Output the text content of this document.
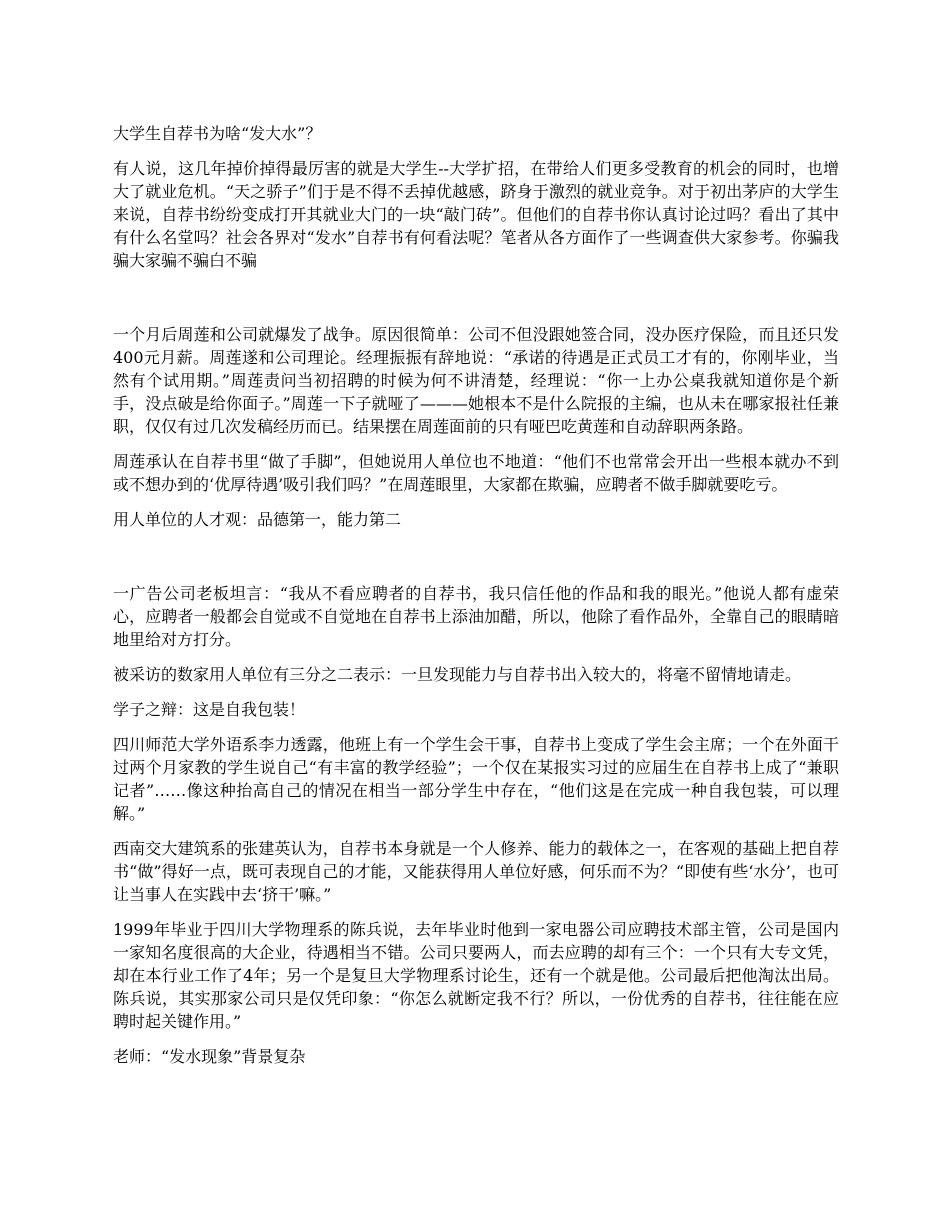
大学生自荐书为啥“发大水”？

有人说，这几年掉价掉得最厉害的就是大学生--大学扩招，在带给人们更多受教育的机会的同时，也增大了就业危机。“天之骄子”们于是不得不丢掉优越感，跻身于激烈的就业竞争。对于初出茅庐的大学生来说，自荐书纷纷变成打开其就业大门的一块“敲门砖”。但他们的自荐书你认真讨论过吗？看出了其中有什么名堂吗？社会各界对“发水”自荐书有何看法呢？笔者从各方面作了一些调查供大家参考。你骗我骗大家骗不骗白不骗

一个月后周莲和公司就爆发了战争。原因很简单：公司不但没跟她签合同，没办医疗保险，而且还只发400元月薪。周莲遂和公司理论。经理振振有辞地说：“承诺的待遇是正式员工才有的，你刚毕业，当然有个试用期。”周莲责问当初招聘的时候为何不讲清楚，经理说：“你一上办公桌我就知道你是个新手，没点破是给你面子。”周莲一下子就哑了———她根本不是什么院报的主编，也从未在哪家报社任兼职，仅仅有过几次发稿经历而已。结果摆在周莲面前的只有哑巴吃黄莲和自动辞职两条路。

周莲承认在自荐书里“做了手脚”，但她说用人单位也不地道：“他们不也常常会开出一些根本就办不到或不想办到的‘优厚待遇’吸引我们吗？”在周莲眼里，大家都在欺骗，应聘者不做手脚就要吃亏。

用人单位的人才观：品德第一，能力第二

一广告公司老板坦言：“我从不看应聘者的自荐书，我只信任他的作品和我的眼光。”他说人都有虚荣心，应聘者一般都会自觉或不自觉地在自荐书上添油加醋，所以，他除了看作品外，全靠自己的眼睛暗地里给对方打分。

被采访的数家用人单位有三分之二表示：一旦发现能力与自荐书出入较大的，将毫不留情地请走。

学子之辩：这是自我包装！

四川师范大学外语系李力透露，他班上有一个学生会干事，自荐书上变成了学生会主席；一个在外面干过两个月家教的学生说自己“有丰富的教学经验”；一个仅在某报实习过的应届生在自荐书上成了“兼职记者”……像这种抬高自己的情况在相当一部分学生中存在，“他们这是在完成一种自我包装，可以理解。”

西南交大建筑系的张建英认为，自荐书本身就是一个人修养、能力的载体之一，在客观的基础上把自荐书“做”得好一点，既可表现自己的才能，又能获得用人单位好感，何乐而不为？“即使有些‘水分’，也可让当事人在实践中去‘挤干’嘛。”

1999年毕业于四川大学物理系的陈兵说，去年毕业时他到一家电器公司应聘技术部主管，公司是国内一家知名度很高的大企业，待遇相当不错。公司只要两人，而去应聘的却有三个：一个只有大专文凭，却在本行业工作了4年；另一个是复旦大学物理系讨论生，还有一个就是他。公司最后把他淘汰出局。陈兵说，其实那家公司只是仅凭印象：“你怎么就断定我不行？所以，一份优秀的自荐书，往往能在应聘时起关键作用。”

老师：“发水现象”背景复杂
